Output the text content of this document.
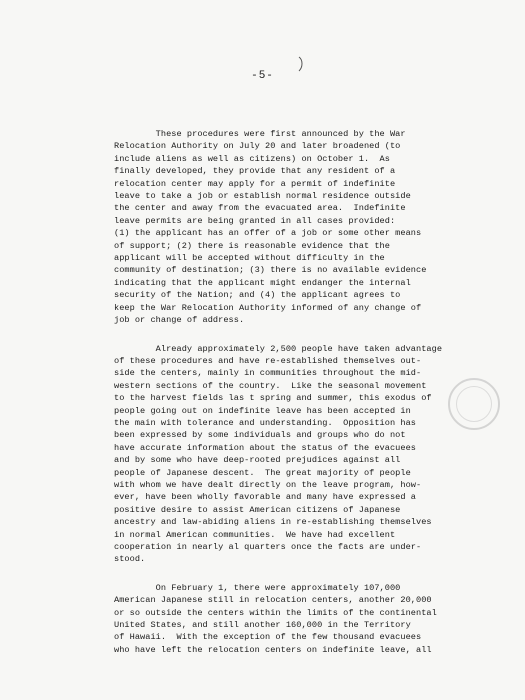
-5-

These procedures were first announced by the War
Relocation Authority on July 20 and later broadened (to
include aliens as well as citizens) on October 1.  As
finally developed, they provide that any resident of a
relocation center may apply for a permit of indefinite
leave to take a job or establish normal residence outside
the center and away from the evacuated area.  Indefinite
leave permits are being granted in all cases provided:
(1) the applicant has an offer of a job or some other means
of support; (2) there is reasonable evidence that the
applicant will be accepted without difficulty in the
community of destination; (3) there is no available evidence
indicating that the applicant might endanger the internal
security of the Nation; and (4) the applicant agrees to
keep the War Relocation Authority informed of any change of
job or change of address.

Already approximately 2,500 people have taken advantage
of these procedures and have re-established themselves out-
side the centers, mainly in communities throughout the mid-
western sections of the country.  Like the seasonal movement
to the harvest fields las t spring and summer, this exodus of
people going out on indefinite leave has been accepted in
the main with tolerance and understanding.  Opposition has
been expressed by some individuals and groups who do not
have accurate information about the status of the evacuees
and by some who have deep-rooted prejudices against all
people of Japanese descent.  The great majority of people
with whom we have dealt directly on the leave program, how-
ever, have been wholly favorable and many have expressed a
positive desire to assist American citizens of Japanese
ancestry and law-abiding aliens in re-establishing themselves
in normal American communities.  We have had excellent
cooperation in nearly al quarters once the facts are under-
stood.

On February 1, there were approximately 107,000
American Japanese still in relocation centers, another 20,000
or so outside the centers within the limits of the continental
United States, and still another 160,000 in the Territory
of Hawaii.  With the exception of the few thousand evacuees
who have left the relocation centers on indefinite leave, all
